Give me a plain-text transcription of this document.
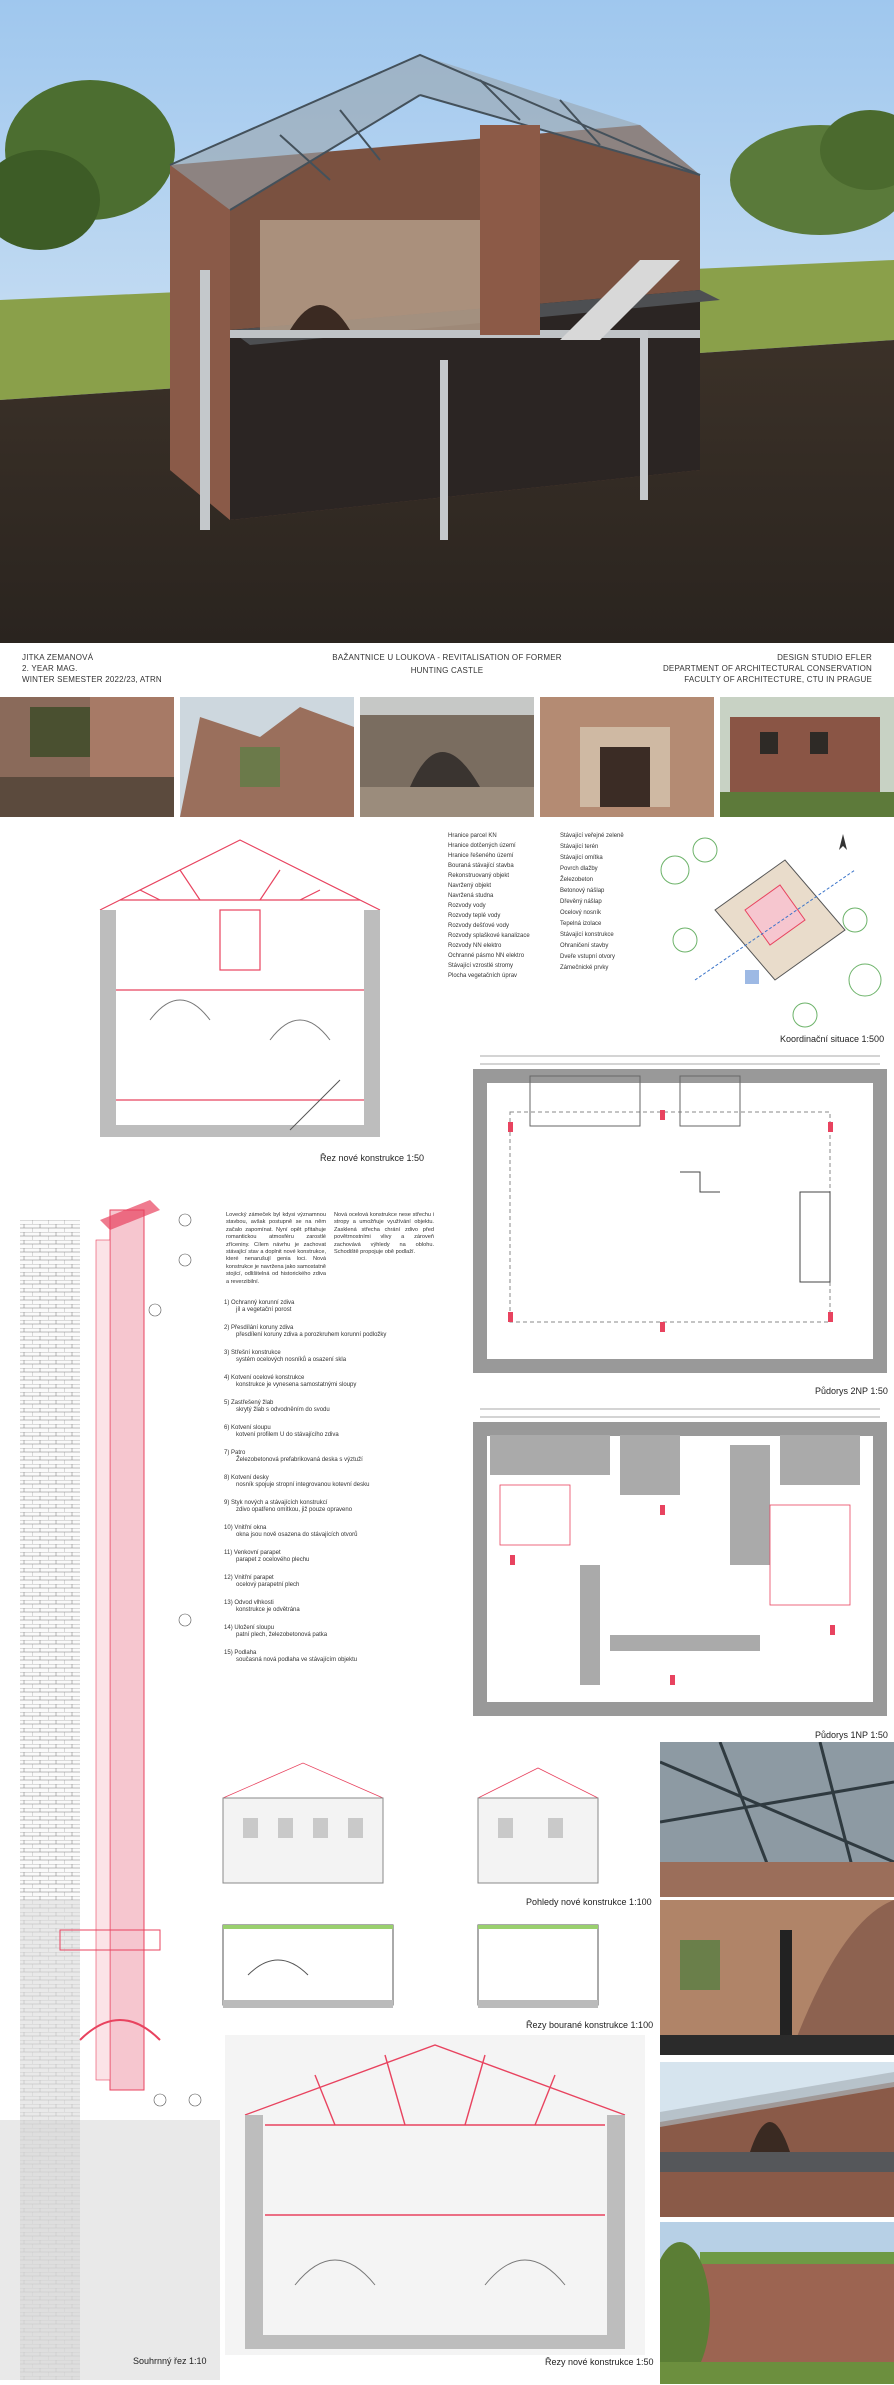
JITKA ZEMANOVÁ
2. YEAR MAG.
WINTER SEMESTER 2022/23, ATRN
BAŽANTNICE U LOUKOVA - REVITALISATION OF FORMER
HUNTING CASTLE
DESIGN STUDIO EFLER
DEPARTMENT OF ARCHITECTURAL CONSERVATION
FACULTY OF ARCHITECTURE, CTU IN PRAGUE
Řez nové konstrukce 1:50
Hranice parcel KN
Hranice dotčených území
Hranice řešeného území
Bouraná stávající stavba
Rekonstruovaný objekt
Navržený objekt
Navržená studna
Rozvody vody
Rozvody teplé vody
Rozvody dešťové vody
Rozvody splaškové kanalizace
Rozvody NN elektro
Ochranné pásmo NN elektro
Stávající vzrostlé stromy
Plocha vegetačních úprav
Stávající veřejné zeleně
Stávající terén
Stávající omítka
Povrch dlažby
Železobeton
Betonový nášlap
Dřevěný nášlap
Ocelový nosník
Tepelná izolace
Stávající konstrukce
Ohraničení stavby
Dveře vstupní otvory
Zámečnické prvky
Koordinační situace 1:500
Půdorys 2NP 1:50
Půdorys 1NP 1:50
Lovecký zámeček byl kdysi významnou stavbou, avšak postupně se na něm začalo zapomínat. Nyní opět přitahuje romantickou atmosféru zarostlé zříceniny. Cílem návrhu je zachovat stávající stav a doplnit nové konstrukce, které nenarušují genia loci. Nová konstrukce je navržena jako samostatně stojící, odlišitelná od historického zdiva a reverzibilní.
Nová ocelová konstrukce nese střechu i stropy a umožňuje využívání objektu. Zasklená střecha chrání zdivo před povětrnostními vlivy a zároveň zachovává výhledy na oblohu. Schodiště propojuje obě podlaží.
1) Ochranný korunní zdiva
jíl a vegetační porost
2) Přesdílání koruny zdiva
přesdílení koruny zdiva a porozkruhem korunní podložky
3) Střešní konstrukce
systém ocelových nosníků a osazení skla
4) Kotvení ocelové konstrukce
konstrukce je vynesena samostatnými sloupy
5) Zastřešený žlab
skrytý žlab s odvodněním do svodu
6) Kotvení sloupu
kotvení profilem U do stávajícího zdiva
7) Patro
Železobetonová prefabrikovaná deska s výztuží
8) Kotvení desky
nosník spojuje stropní integrovanou kotevní desku
9) Styk nových a stávajících konstrukcí
zdivo opatřeno omítkou, již pouze opraveno
10) Vnitřní okna
okna jsou nově osazena do stávajících otvorů
11) Venkovní parapet
parapet z ocelového plechu
12) Vnitřní parapet
ocelový parapetní plech
13) Odvod vlhkosti
konstrukce je odvětrána
14) Uložení sloupu
patní plech, železobetonová patka
15) Podlaha
současná nová podlaha ve stávajícím objektu
Souhrnný řez 1:10
Pohledy nové konstrukce 1:100
Řezy bourané konstrukce 1:100
Řezy nové konstrukce 1:50
